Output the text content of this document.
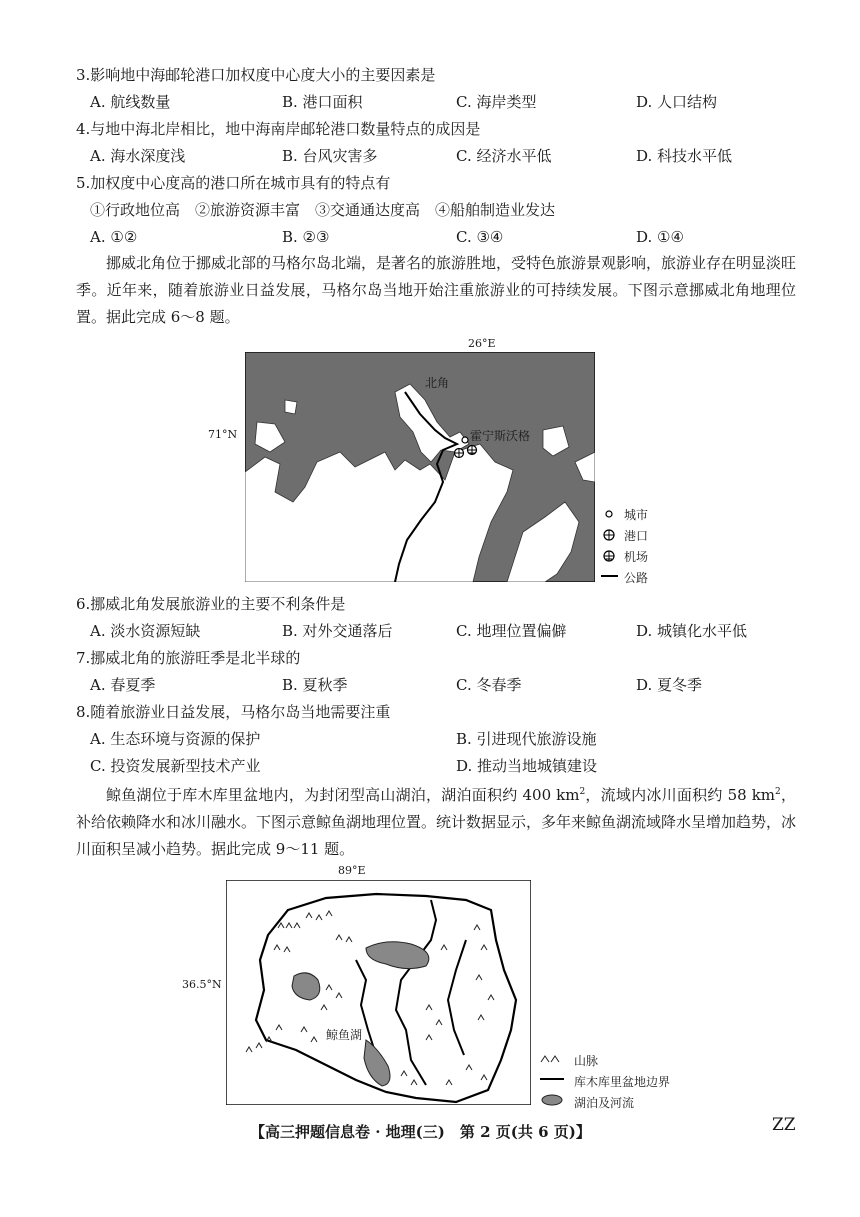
3.影响地中海邮轮港口加权度中心度大小的主要因素是
A. 航线数量	B. 港口面积	C. 海岸类型	D. 人口结构
4.与地中海北岸相比，地中海南岸邮轮港口数量特点的成因是
A. 海水深度浅	B. 台风灾害多	C. 经济水平低	D. 科技水平低
5.加权度中心度高的港口所在城市具有的特点有
①行政地位高　②旅游资源丰富　③交通通达度高　④船舶制造业发达
A. ①②	B. ②③	C. ③④	D. ①④
挪威北角位于挪威北部的马格尔岛北端，是著名的旅游胜地，受特色旅游景观影响，旅游业存在明显淡旺季。近年来，随着旅游业日益发展，马格尔岛当地开始注重旅游业的可持续发展。下图示意挪威北角地理位置。据此完成 6～8 题。
26°E
71°N
北角
霍宁斯沃格
城市
港口
机场
公路
6.挪威北角发展旅游业的主要不利条件是
A. 淡水资源短缺	B. 对外交通落后	C. 地理位置偏僻	D. 城镇化水平低
7.挪威北角的旅游旺季是北半球的
A. 春夏季	B. 夏秋季	C. 冬春季	D. 夏冬季
8.随着旅游业日益发展，马格尔岛当地需要注重
A. 生态环境与资源的保护	B. 引进现代旅游设施
C. 投资发展新型技术产业	D. 推动当地城镇建设
鲸鱼湖位于库木库里盆地内，为封闭型高山湖泊，湖泊面积约 400 $km^2$，流域内冰川面积约 58 $km^2$，补给依赖降水和冰川融水。下图示意鲸鱼湖地理位置。统计数据显示，多年来鲸鱼湖流域降水呈增加趋势，冰川面积呈减小趋势。据此完成 9～11 题。
89°E
36.5°N
鲸鱼湖
山脉
库木库里盆地边界
湖泊及河流
【高三押题信息卷 · 地理(三)　第 2 页(共 6 页)】	ZZ
